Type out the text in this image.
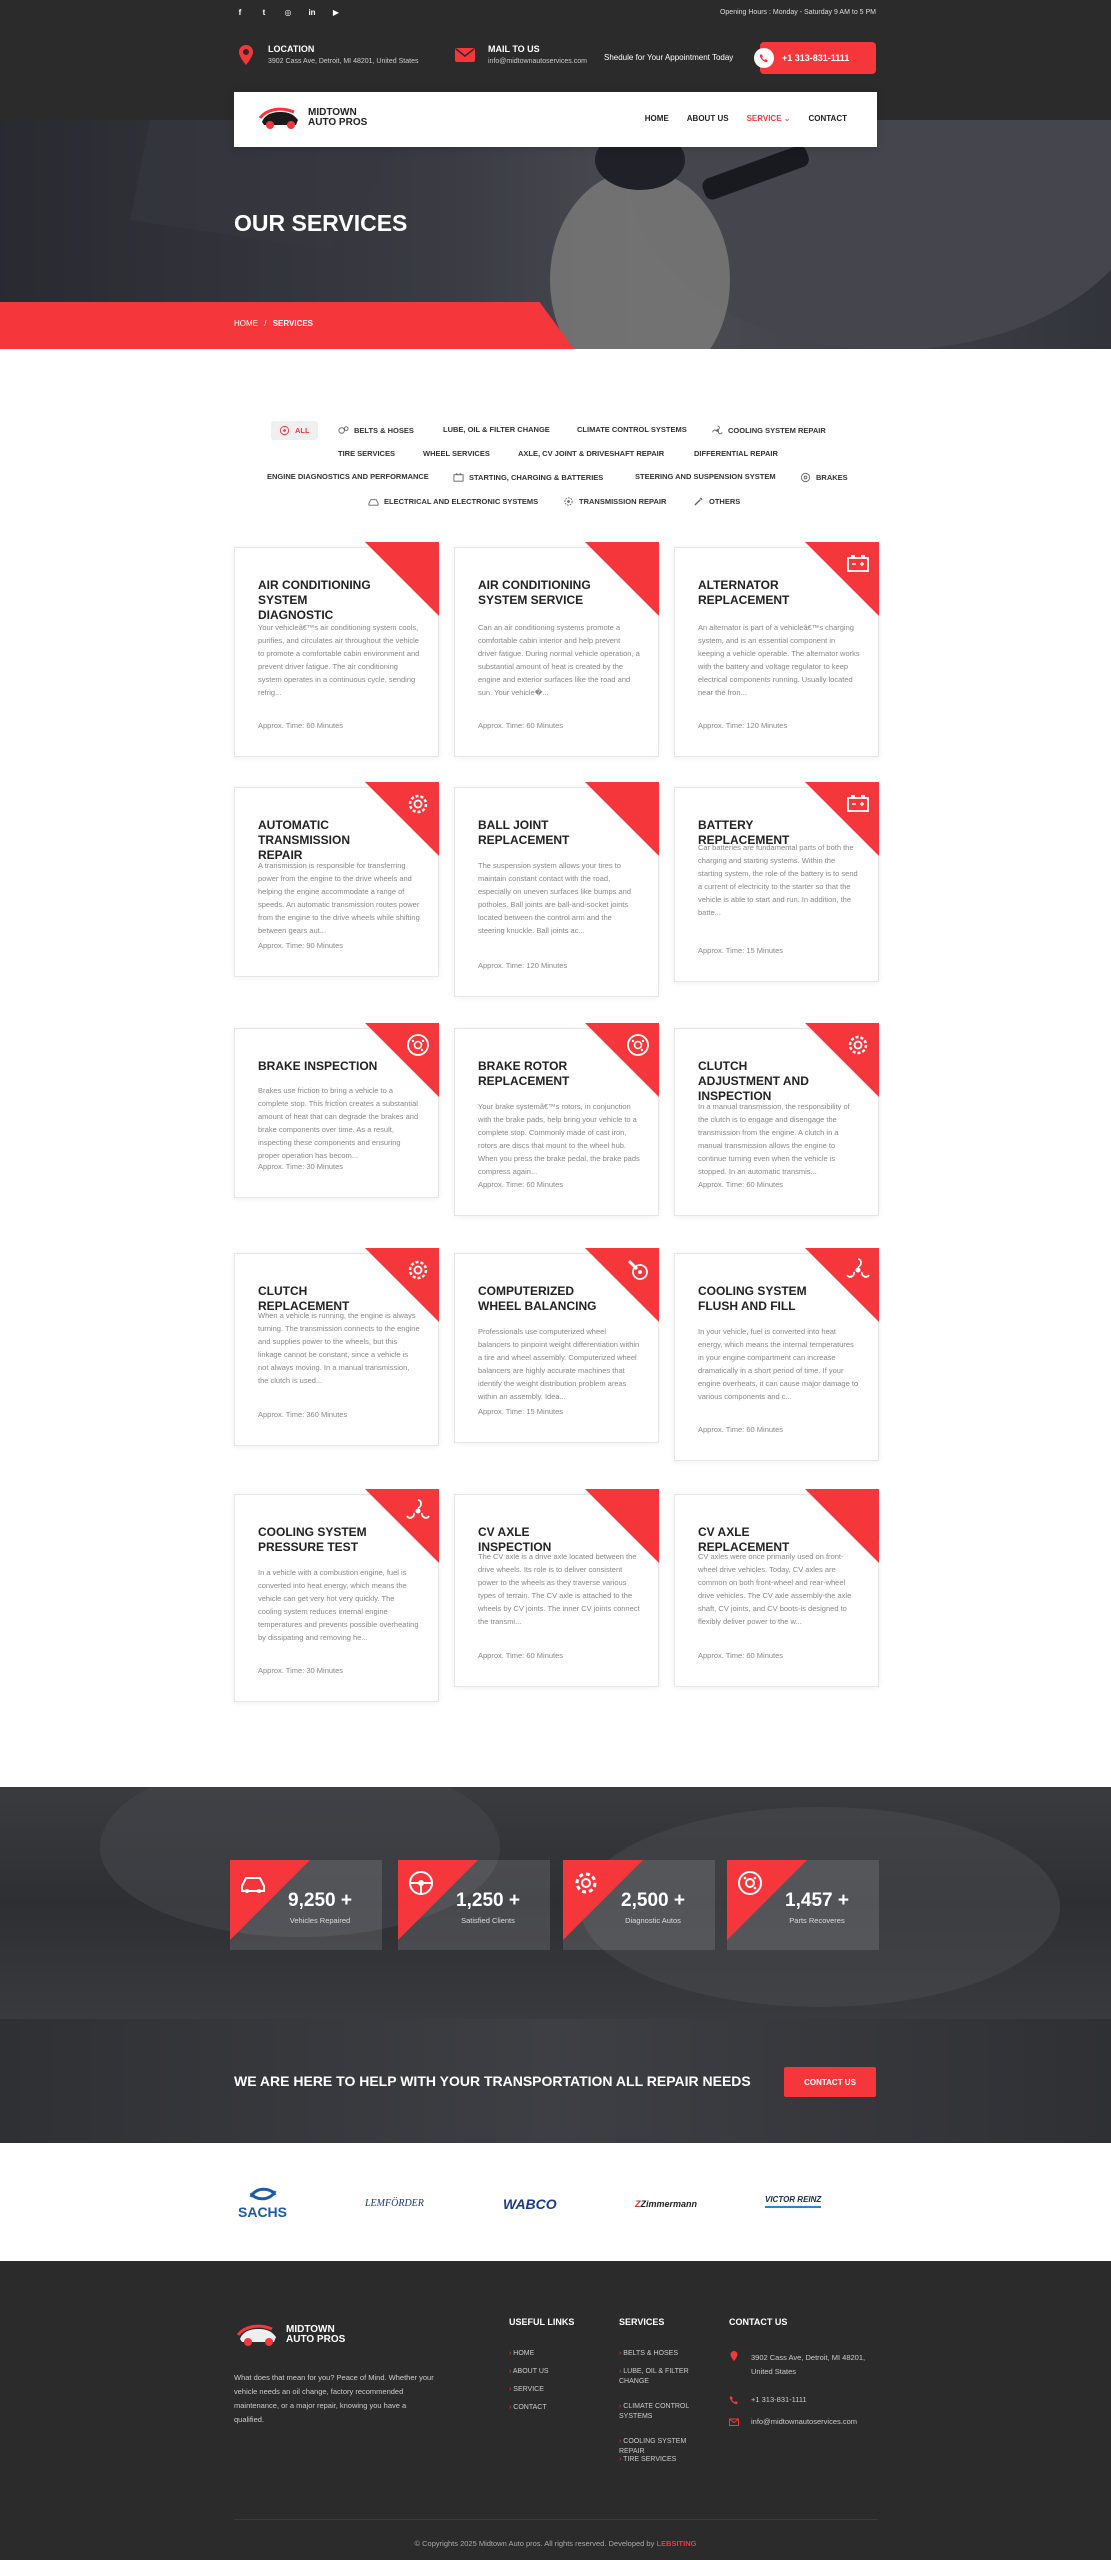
f	t	◎	in	▶	Opening Hours : Monday - Saturday 9 AM to 5 PM
LOCATION
3902 Cass Ave, Detroit, MI 48201, United States
MAIL TO US
info@midtownautoservices.com Shedule for Your Appointment Today	+1 313-831-1111
OUR SERVICES
HOME / SERVICES
MIDTOWN
AUTO PROS	HOME ABOUT US SERVICE ⌄ CONTACT
ALL	BELTS & HOSES	LUBE, OIL & FILTER CHANGE	CLIMATE CONTROL SYSTEMS	COOLING SYSTEM REPAIR
TIRE SERVICES	WHEEL SERVICES	AXLE, CV JOINT & DRIVESHAFT REPAIR	DIFFERENTIAL REPAIR
ENGINE DIAGNOSTICS AND PERFORMANCE	STARTING, CHARGING & BATTERIES	STEERING AND SUSPENSION SYSTEM	BRAKES
ELECTRICAL AND ELECTRONIC SYSTEMS	TRANSMISSION REPAIR	OTHERS
AIR CONDITIONING SYSTEM DIAGNOSTIC
Your vehicleâ€™s air conditioning system cools, purifies, and circulates air throughout the vehicle to promote a comfortable cabin environment and prevent driver fatigue. The air conditioning system operates in a continuous cycle, sending refrig...
Approx. Time: 60 Minutes
AIR CONDITIONING SYSTEM SERVICE
Can an air conditioning systems promote a comfortable cabin interior and help prevent driver fatigue. During normal vehicle operation, a substantial amount of heat is created by the engine and exterior surfaces like the road and sun. Your vehicle�...
Approx. Time: 60 Minutes
ALTERNATOR REPLACEMENT
An alternator is part of a vehicleâ€™s charging system, and is an essential component in keeping a vehicle operable. The alternator works with the battery and voltage regulator to keep electrical components running. Usually located near the fron...
Approx. Time: 120 Minutes
AUTOMATIC TRANSMISSION REPAIR
A transmission is responsible for transferring power from the engine to the drive wheels and helping the engine accommodate a range of speeds. An automatic transmission routes power from the engine to the drive wheels while shifting between gears aut...
Approx. Time: 90 Minutes
BALL JOINT REPLACEMENT
The suspension system allows your tires to maintain constant contact with the road, especially on uneven surfaces like bumps and potholes. Ball joints are ball-and-socket joints located between the control arm and the steering knuckle. Ball joints ac...
Approx. Time: 120 Minutes
BATTERY REPLACEMENT
Car batteries are fundamental parts of both the charging and starting systems. Within the starting system, the role of the battery is to send a current of electricity to the starter so that the vehicle is able to start and run. In addition, the batte...
Approx. Time: 15 Minutes
BRAKE INSPECTION
Brakes use friction to bring a vehicle to a complete stop. This friction creates a substantial amount of heat that can degrade the brakes and brake components over time. As a result, inspecting these components and ensuring proper operation has becom...
Approx. Time: 30 Minutes
BRAKE ROTOR REPLACEMENT
Your brake systemâ€™s rotors, in conjunction with the brake pads, help bring your vehicle to a complete stop. Commonly made of cast iron, rotors are discs that mount to the wheel hub. When you press the brake pedal, the brake pads compress again...
Approx. Time: 60 Minutes
CLUTCH ADJUSTMENT AND INSPECTION
In a manual transmission, the responsibility of the clutch is to engage and disengage the transmission from the engine. A clutch in a manual transmission allows the engine to continue turning even when the vehicle is stopped. In an automatic transmis...
Approx. Time: 60 Minutes
CLUTCH REPLACEMENT
When a vehicle is running, the engine is always turning. The transmission connects to the engine and supplies power to the wheels, but this linkage cannot be constant, since a vehicle is not always moving. In a manual transmission, the clutch is used...
Approx. Time: 360 Minutes
COMPUTERIZED WHEEL BALANCING
Professionals use computerized wheel balancers to pinpoint weight differentiation within a tire and wheel assembly. Computerized wheel balancers are highly accurate machines that identify the weight distribution problem areas within an assembly. Idea...
Approx. Time: 15 Minutes
COOLING SYSTEM FLUSH AND FILL
In your vehicle, fuel is converted into heat energy, which means the internal temperatures in your engine compartment can increase dramatically in a short period of time. If your engine overheats, it can cause major damage to various components and c...
Approx. Time: 60 Minutes
COOLING SYSTEM PRESSURE TEST
In a vehicle with a combustion engine, fuel is converted into heat energy, which means the vehicle can get very hot very quickly. The cooling system reduces internal engine temperatures and prevents possible overheating by dissipating and removing he...
Approx. Time: 30 Minutes
CV AXLE INSPECTION
The CV axle is a drive axle located between the drive wheels. Its role is to deliver consistent power to the wheels as they traverse various types of terrain. The CV axle is attached to the wheels by CV joints. The inner CV joints connect the transmi...
Approx. Time: 60 Minutes
CV AXLE REPLACEMENT
CV axles were once primarily used on front-wheel drive vehicles. Today, CV axles are common on both front-wheel and rear-wheel drive vehicles. The CV axle assembly-the axle shaft, CV joints, and CV boots-is designed to flexibly deliver power to the w...
Approx. Time: 60 Minutes
9,250 +
Vehicles Repaired
1,250 +
Satisfied Clients
2,500 +
Diagnostic Autos
1,457 +
Parts Recoveres
WE ARE HERE TO HELP WITH YOUR TRANSPORTATION ALL REPAIR NEEDS	CONTACT US
SACHS
LEMFÖRDER	WABCO	ZZimmermann	VICTOR REINZ
MIDTOWN
AUTO PROS
What does that mean for you? Peace of Mind. Whether your vehicle needs an oil change, factory recommended maintenance, or a major repair, knowing you have a qualified.
USEFUL LINKS
› HOME
› ABOUT US
› SERVICE
› CONTACT
SERVICES
› BELTS & HOSES
› LUBE, OIL & FILTER CHANGE
› CLIMATE CONTROL SYSTEMS
› COOLING SYSTEM REPAIR
› TIRE SERVICES
CONTACT US
3902 Cass Ave, Detroit, MI 48201, United States
+1 313-831-1111
info@midtownautoservices.com
© Copyrights 2025 Midtown Auto pros. All rights reserved. Developed by LEBSITING
